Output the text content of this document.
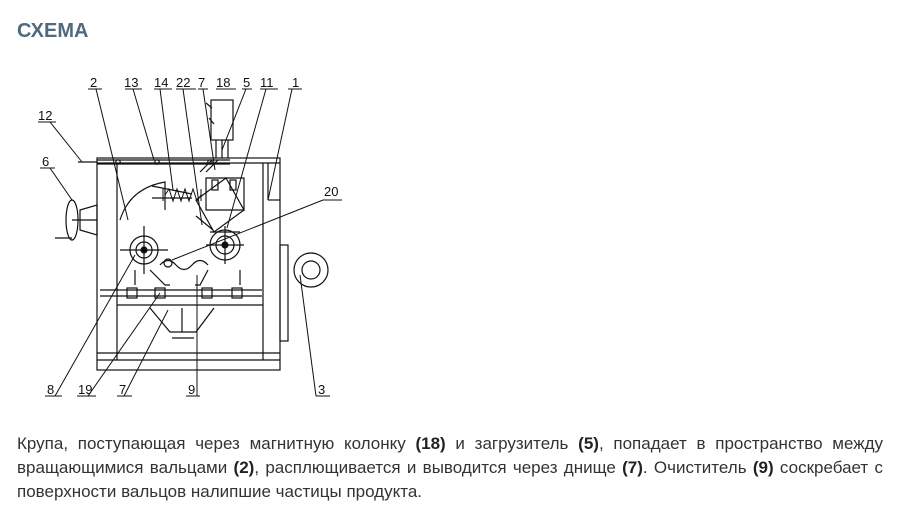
СХЕМА
2 13 14 22 7 18 5 11 1
12
6
20
8 19 7	9	3

Крупа, поступающая через магнитную колонку (18) и загрузитель (5), попадает в пространство между вращающимися вальцами (2), расплющивается и выводится через днище (7). Очиститель (9) соскребает с поверхности вальцов налипшие частицы продукта.
